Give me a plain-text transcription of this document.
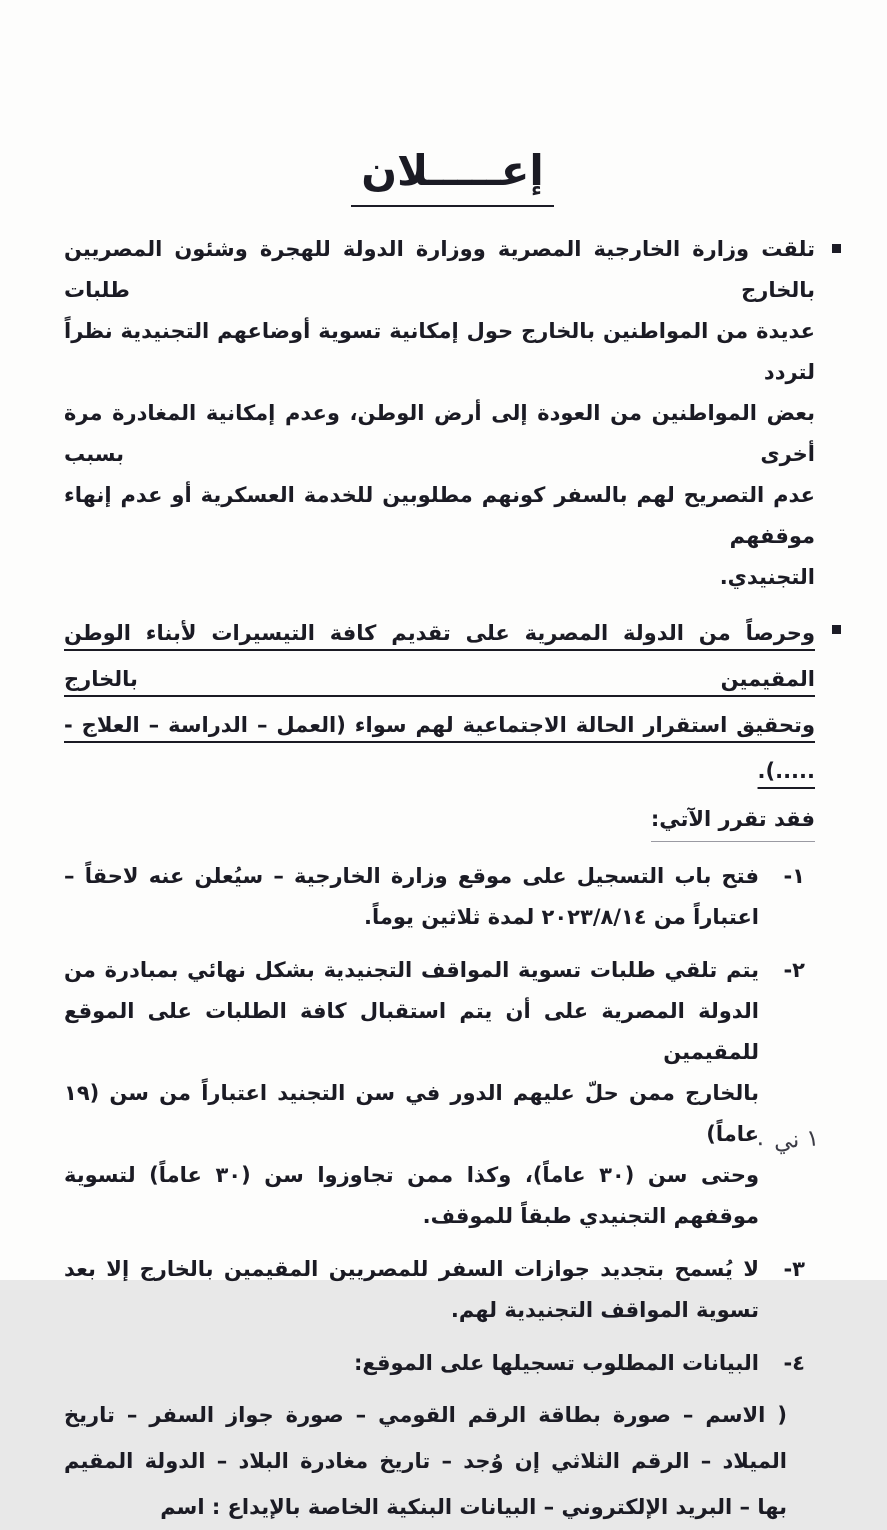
إعـــــلان
تلقت وزارة الخارجية المصرية ووزارة الدولة للهجرة وشئون المصريين بالخارج طلبات
عديدة من المواطنين بالخارج حول إمكانية تسوية أوضاعهم التجنيدية نظراً لتردد
بعض المواطنين من العودة إلى أرض الوطن، وعدم إمكانية المغادرة مرة أخرى بسبب
عدم التصريح لهم بالسفر كونهم مطلوبين للخدمة العسكرية أو عدم إنهاء موقفهم
التجنيدي.
وحرصاً من الدولة المصرية على تقديم كافة التيسيرات لأبناء الوطن المقيمين بالخارج
وتحقيق استقرار الحالة الاجتماعية لهم سواء (العمل – الدراسة – العلاج - .....).
فقد تقرر الآتي:
١-
فتح باب التسجيل على موقع وزارة الخارجية – سيُعلن عنه لاحقاً –
اعتباراً من ٢٠٢٣/٨/١٤ لمدة ثلاثين يوماً.
٢-
يتم تلقي طلبات تسوية المواقف التجنيدية بشكل نهائي بمبادرة من
الدولة المصرية على أن يتم استقبال كافة الطلبات على الموقع للمقيمين
بالخارج ممن حلّ عليهم الدور في سن التجنيد اعتباراً من سن (١٩ عاماً)
وحتى سن (٣٠ عاماً)، وكذا ممن تجاوزوا سن (٣٠ عاماً) لتسوية
موقفهم التجنيدي طبقاً للموقف.
٣-
لا يُسمح بتجديد جوازات السفر للمصريين المقيمين بالخارج إلا بعد
تسوية المواقف التجنيدية لهم.
٤-
البيانات المطلوب تسجيلها على الموقع:
( الاسم – صورة بطاقة الرقم القومي – صورة جواز السفر – تاريخ
الميلاد – الرقم الثلاثي إن وُجد – تاريخ مغادرة البلاد – الدولة المقيم
بها – البريد الإلكتروني – البيانات البنكية الخاصة بالإيداع : اسم
١ ني ٠
